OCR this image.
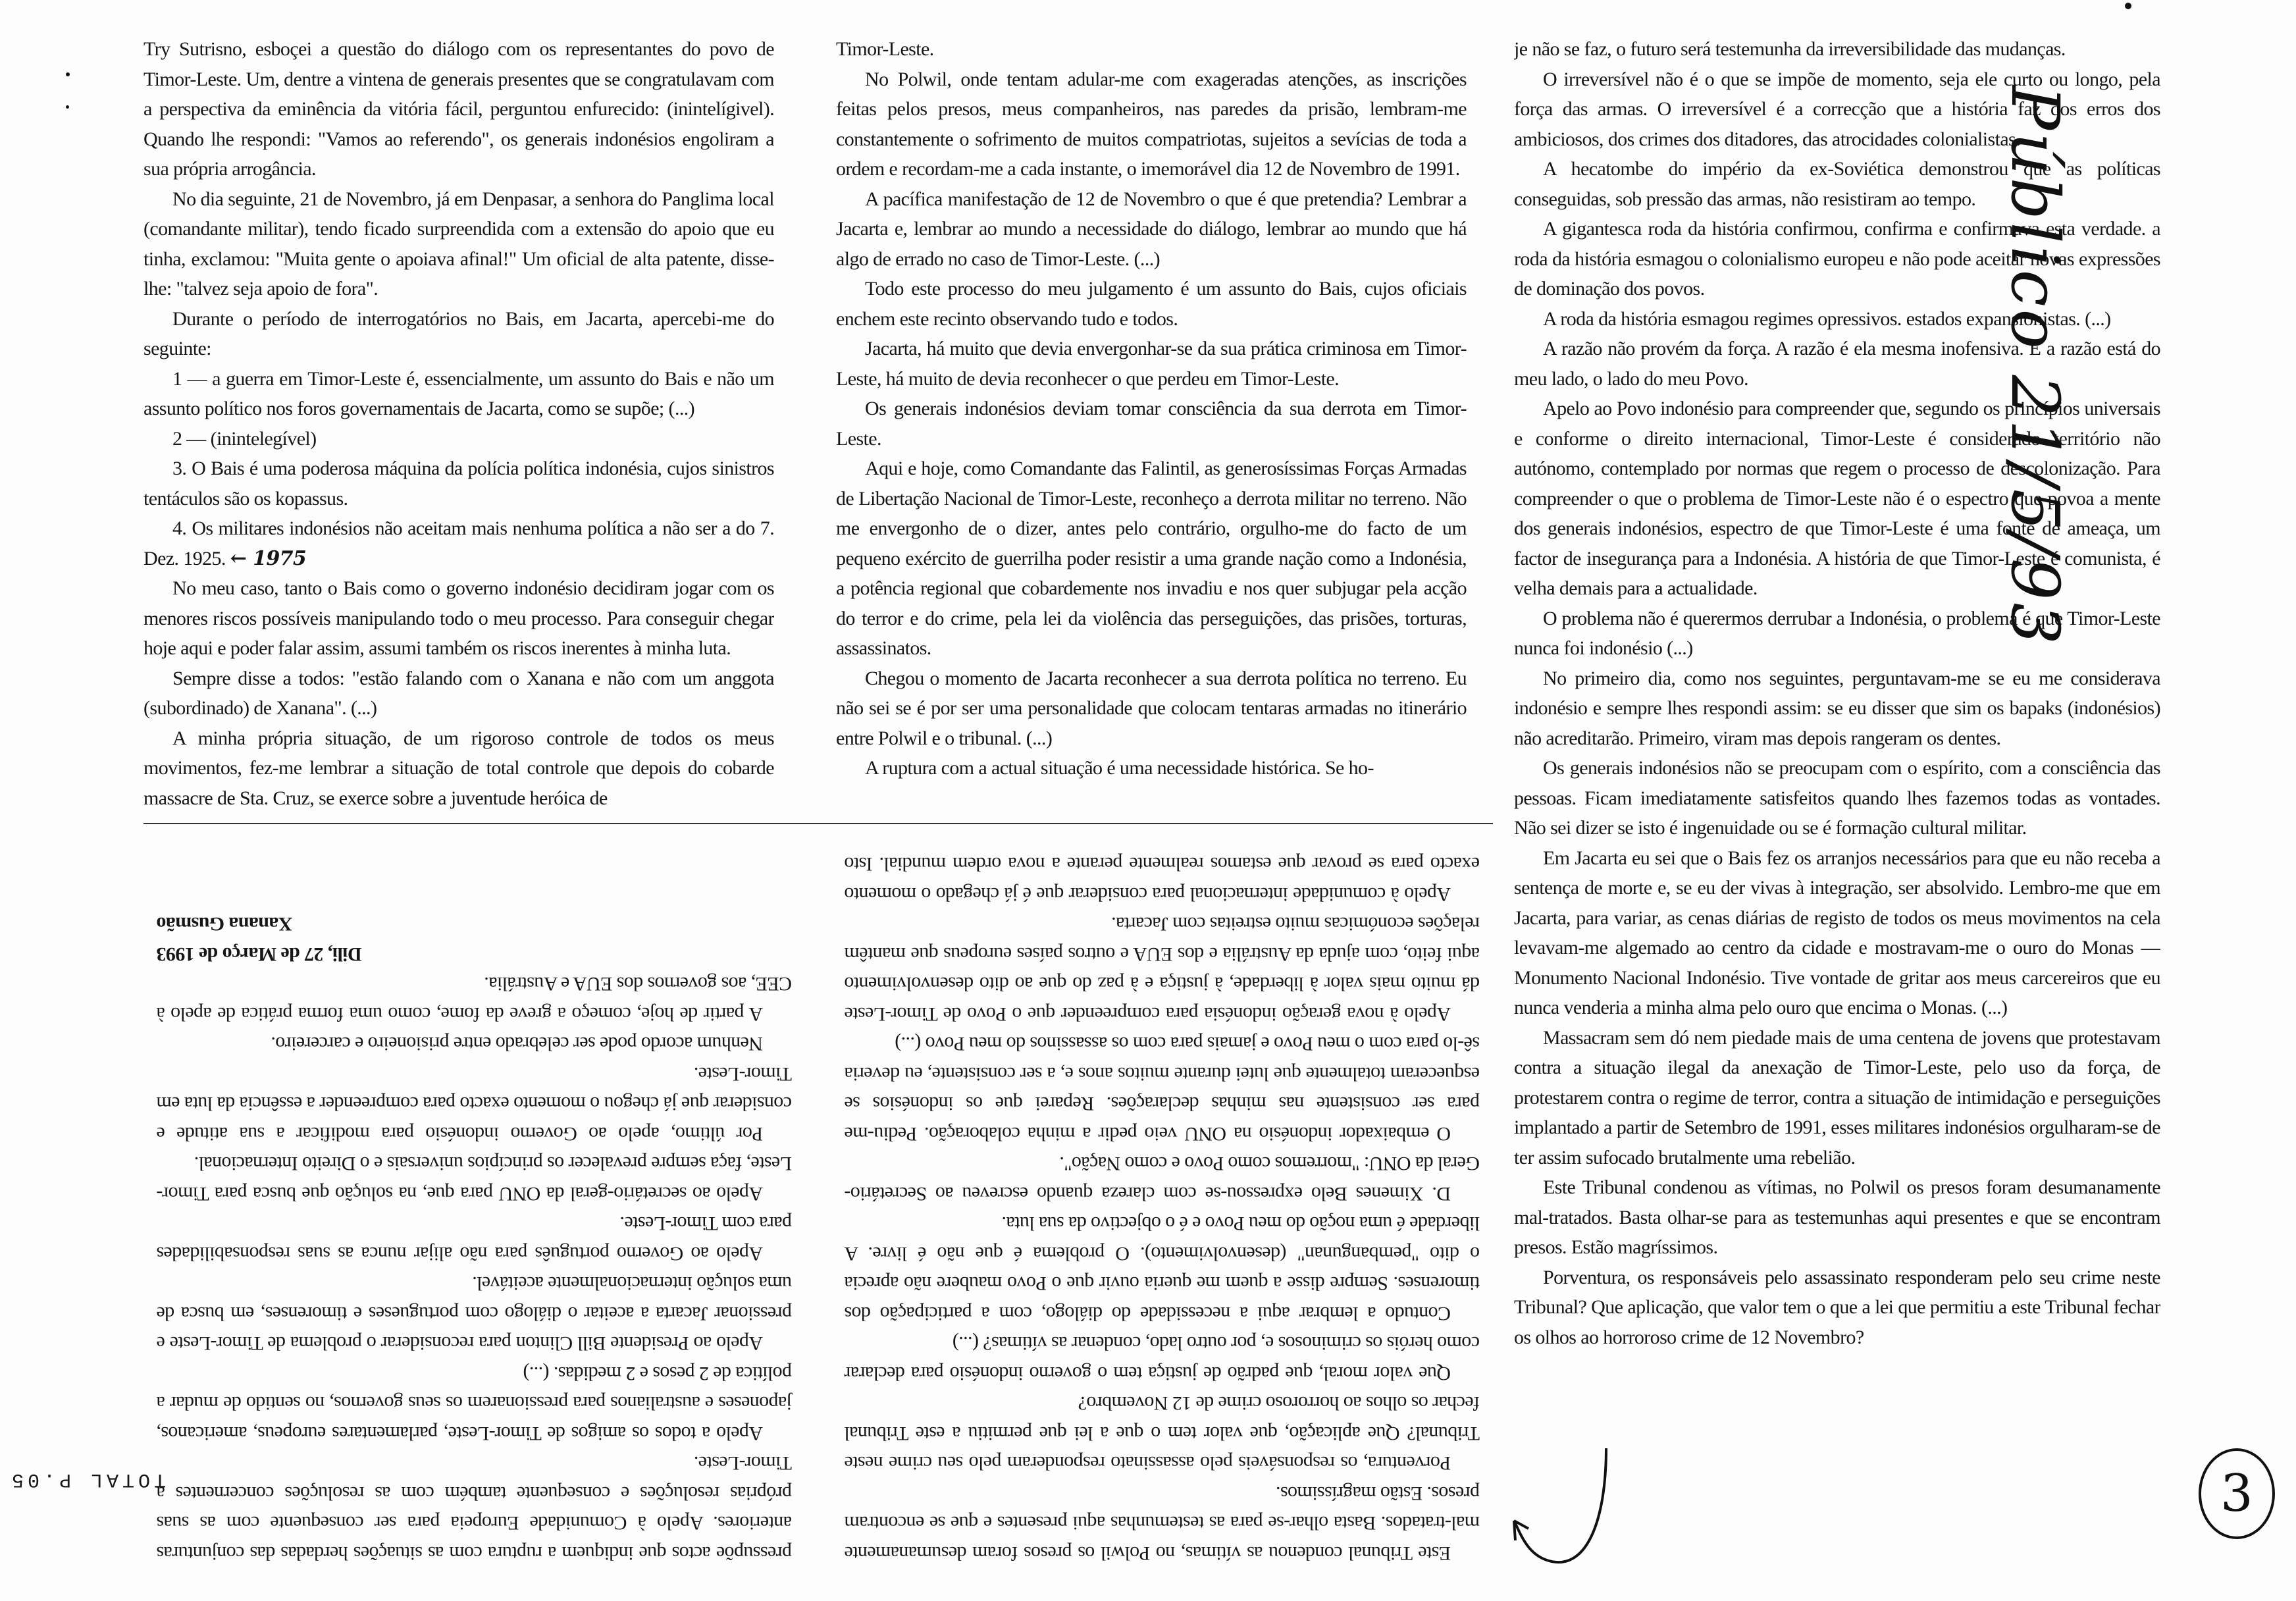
Try Sutrisno, esboçei a questão do diálogo com os representantes do povo de Timor-Leste. Um, dentre a vintena de generais presentes que se congratulavam com a perspectiva da eminência da vitória fácil, perguntou enfurecido: (inintelígivel). Quando lhe respondi: "Vamos ao referendo", os generais indonésios engoliram a sua própria arrogância.

No dia seguinte, 21 de Novembro, já em Denpasar, a senhora do Panglima local (comandante militar), tendo ficado surpreendida com a extensão do apoio que eu tinha, exclamou: "Muita gente o apoiava afinal!" Um oficial de alta patente, disse-lhe: "talvez seja apoio de fora".

Durante o período de interrogatórios no Bais, em Jacarta, apercebi-me do seguinte:

1 — a guerra em Timor-Leste é, essencialmente, um assunto do Bais e não um assunto político nos foros governamentais de Jacarta, como se supõe; (...)

2 — (inintelegível)

3. O Bais é uma poderosa máquina da polícia política indonésia, cujos sinistros tentáculos são os kopassus.

4. Os militares indonésios não aceitam mais nenhuma política a não ser a do 7. Dez. 1925. ← 1975

No meu caso, tanto o Bais como o governo indonésio decidiram jogar com os menores riscos possíveis manipulando todo o meu processo. Para conseguir chegar hoje aqui e poder falar assim, assumi também os riscos inerentes à minha luta.

Sempre disse a todos: "estão falando com o Xanana e não com um anggota (subordinado) de Xanana". (...)

A minha própria situação, de um rigoroso controle de todos os meus movimentos, fez-me lembrar a situação de total controle que depois do cobarde massacre de Sta. Cruz, se exerce sobre a juventude heróica de

Timor-Leste.

No Polwil, onde tentam adular-me com exageradas atenções, as inscrições feitas pelos presos, meus companheiros, nas paredes da prisão, lembram-me constantemente o sofrimento de muitos compatriotas, sujeitos a sevícias de toda a ordem e recordam-me a cada instante, o imemorável dia 12 de Novembro de 1991.

A pacífica manifestação de 12 de Novembro o que é que pretendia? Lembrar a Jacarta e, lembrar ao mundo a necessidade do diálogo, lembrar ao mundo que há algo de errado no caso de Timor-Leste. (...)

Todo este processo do meu julgamento é um assunto do Bais, cujos oficiais enchem este recinto observando tudo e todos.

Jacarta, há muito que devia envergonhar-se da sua prática criminosa em Timor-Leste, há muito de devia reconhecer o que perdeu em Timor-Leste.

Os generais indonésios deviam tomar consciência da sua derrota em Timor-Leste.

Aqui e hoje, como Comandante das Falintil, as generosíssimas Forças Armadas de Libertação Nacional de Timor-Leste, reconheço a derrota militar no terreno. Não me envergonho de o dizer, antes pelo contrário, orgulho-me do facto de um pequeno exército de guerrilha poder resistir a uma grande nação como a Indonésia, a potência regional que cobardemente nos invadiu e nos quer subjugar pela acção do terror e do crime, pela lei da violência das perseguições, das prisões, torturas, assassinatos.

Chegou o momento de Jacarta reconhecer a sua derrota política no terreno. Eu não sei se é por ser uma personalidade que colocam tentaras armadas no itinerário entre Polwil e o tribunal. (...)

A ruptura com a actual situação é uma necessidade histórica. Se ho-

je não se faz, o futuro será testemunha da irreversibilidade das mudanças.

O irreversível não é o que se impõe de momento, seja ele curto ou longo, pela força das armas. O irreversível é a correcção que a história faz dos erros dos ambiciosos, dos crimes dos ditadores, das atrocidades colonialistas.

A hecatombe do império da ex-Soviética demonstrou que as políticas conseguidas, sob pressão das armas, não resistiram ao tempo.

A gigantesca roda da história confirmou, confirma e confirmava esta verdade. a roda da história esmagou o colonialismo europeu e não pode aceitar novas expressões de dominação dos povos.

A roda da história esmagou regimes opressivos. estados expansionistas. (...)

A razão não provém da força. A razão é ela mesma inofensiva. E a razão está do meu lado, o lado do meu Povo.

Apelo ao Povo indonésio para compreender que, segundo os princípios universais e conforme o direito internacional, Timor-Leste é considerado território não autónomo, contemplado por normas que regem o processo de descolonização. Para compreender o que o problema de Timor-Leste não é o espectro que povoa a mente dos generais indonésios, espectro de que Timor-Leste é uma fonte de ameaça, um factor de insegurança para a Indonésia. A história de que Timor-Leste é comunista, é velha demais para a actualidade.

O problema não é querermos derrubar a Indonésia, o problema é que Timor-Leste nunca foi indonésio (...)

No primeiro dia, como nos seguintes, perguntavam-me se eu me considerava indonésio e sempre lhes respondi assim: se eu disser que sim os bapaks (indonésios) não acreditarão. Primeiro, viram mas depois rangeram os dentes.

Os generais indonésios não se preocupam com o espírito, com a consciência das pessoas. Ficam imediatamente satisfeitos quando lhes fazemos todas as vontades. Não sei dizer se isto é ingenuidade ou se é formação cultural militar.

Em Jacarta eu sei que o Bais fez os arranjos necessários para que eu não receba a sentença de morte e, se eu der vivas à integração, ser absolvido. Lembro-me que em Jacarta, para variar, as cenas diárias de registo de todos os meus movimentos na cela levavam-me algemado ao centro da cidade e mostravam-me o ouro do Monas — Monumento Nacional Indonésio. Tive vontade de gritar aos meus carcereiros que eu nunca venderia a minha alma pelo ouro que encima o Monas. (...)

Massacram sem dó nem piedade mais de uma centena de jovens que protestavam contra a situação ilegal da anexação de Timor-Leste, pelo uso da força, de protestarem contra o regime de terror, contra a situação de intimidação e perseguições implantado a partir de Setembro de 1991, esses militares indonésios orgulharam-se de ter assim sufocado brutalmente uma rebelião.

Este Tribunal condenou as vítimas, no Polwil os presos foram desumanamente mal-tratados. Basta olhar-se para as testemunhas aqui presentes e que se encontram presos. Estão magríssimos.

Porventura, os responsáveis pelo assassinato responderam pelo seu crime neste Tribunal? Que aplicação, que valor tem o que a lei que permitiu a este Tribunal fechar os olhos ao horroroso crime de 12 Novembro?

Este Tribunal condenou as vítimas, no Polwil os presos foram desumanamente mal-tratados. Basta olhar-se para as testemunhas aqui presentes e que se encontram presos. Estão magríssimos.

Porventura, os responsáveis pelo assassinato responderam pelo seu crime neste Tribunal? Que aplicação, que valor tem o que a lei que permitiu a este Tribunal fechar os olhos ao horroroso crime de 12 Novembro?

Que valor moral, que padrão de justiça tem o governo indonésio para declarar como heróis os criminosos e, por outro lado, condenar as vítimas? (...)

Contudo a lembrar aqui a necessidade do diálogo, com a participação dos timorenses. Sempre disse a quem me queria ouvir que o Povo maubere não aprecia o dito "pembangunan" (desenvolvimento). O problema é que não é livre. A liberdade é uma noção do meu Povo e é o objectivo da sua luta.

D. Ximenes Belo expressou-se com clareza quando escreveu ao Secretário-Geral da ONU: "morremos como Povo e como Nação".

O embaixador indonésio na ONU veio pedir a minha colaboração. Pediu-me para ser consistente nas minhas declarações. Reparei que os indonésios se esqueceram totalmente que lutei durante muitos anos e, a ser consistente, eu deveria sê-lo para com o meu Povo e jamais para com os assassinos do meu Povo (...)

Apelo à nova geração indonésia para compreender que o Povo de Timor-Leste dá muito mais valor à liberdade, à justiça e à paz do que ao dito desenvolvimento aqui feito, com ajuda da Austrália e dos EUA e outros países europeus que mantêm relações económicas muito estreitas com Jacarta.

Apelo à comunidade internacional para considerar que é já chegado o momento exacto para se provar que estamos realmente perante a nova ordem mundial. Isto pressupõe actos que indiquem a ruptura com as situações herdadas das conjunturas anteriores. Apelo à Comunidade Europeia para ser consequente com as suas próprias resoluções e consequente também com as resoluções concernentes a Timor-Leste.

Apelo a todos os amigos de Timor-Leste, parlamentares europeus, americanos, japoneses e australianos para pressionarem os seus governos, no sentido de mudar a política de 2 pesos e 2 medidas. (...)

Apelo ao Presidente Bill Clinton para reconsiderar o problema de Timor-Leste e pressionar Jacarta a aceitar o diálogo com portugueses e timorenses, em busca de uma solução internacionalmente aceitável.

Apelo ao Governo português para não alijar nunca as suas responsabilidades para com Timor-Leste.

Apelo ao secretário-geral da ONU para que, na solução que busca para Timor-Leste, faça sempre prevalecer os princípios universais e o Direito Internacional.

Por último, apelo ao Governo indonésio para modificar a sua atitude e considerar que já chegou o momento exacto para compreender a essência da luta em Timor-Leste.

Nenhum acordo pode ser celebrado entre prisioneiro e carcereiro.

A partir de hoje, começo a greve da fome, como uma forma prática de apelo à CEE, aos governos dos EUA e Austrália.

Dili, 27 de Março de 1993

Xanana Gusmão

TOTAL P.05
Público 21/5/93
3
